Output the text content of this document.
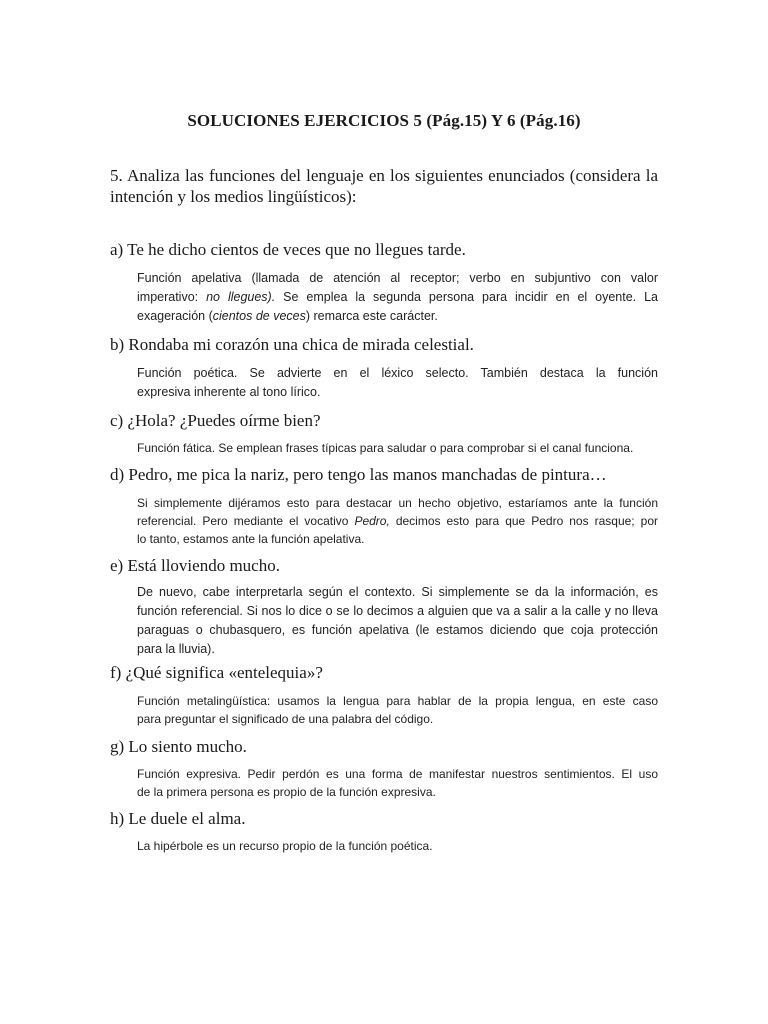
SOLUCIONES EJERCICIOS 5 (Pág.15) Y 6 (Pág.16)
5. Analiza las funciones del lenguaje en los siguientes enunciados (considera la intención y los medios lingüísticos):
a) Te he dicho cientos de veces que no llegues tarde.
Función apelativa (llamada de atención al receptor; verbo en subjuntivo con valor
imperativo: no llegues). Se emplea la segunda persona para incidir en el oyente. La
exageración (cientos de veces) remarca este carácter.
b) Rondaba mi corazón una chica de mirada celestial.
Función poética. Se advierte en el léxico selecto. También destaca la función
expresiva inherente al tono lírico.
c) ¿Hola? ¿Puedes oírme bien?
Función fática. Se emplean frases típicas para saludar o para comprobar si el canal funciona.
d) Pedro, me pica la nariz, pero tengo las manos manchadas de pintura…
Si simplemente dijéramos esto para destacar un hecho objetivo, estaríamos ante la función
referencial. Pero mediante el vocativo Pedro, decimos esto para que Pedro nos rasque; por
lo tanto, estamos ante la función apelativa.
e) Está lloviendo mucho.
De nuevo, cabe interpretarla según el contexto. Si simplemente se da la información, es
función referencial. Si nos lo dice o se lo decimos a alguien que va a salir a la calle y no lleva
paraguas o chubasquero, es función apelativa (le estamos diciendo que coja protección
para la lluvia).
f) ¿Qué significa «entelequia»?
Función metalingüística: usamos la lengua para hablar de la propia lengua, en este caso
para preguntar el significado de una palabra del código.
g) Lo siento mucho.
Función expresiva. Pedir perdón es una forma de manifestar nuestros sentimientos. El uso
de la primera persona es propio de la función expresiva.
h) Le duele el alma.
La hipérbole es un recurso propio de la función poética.
